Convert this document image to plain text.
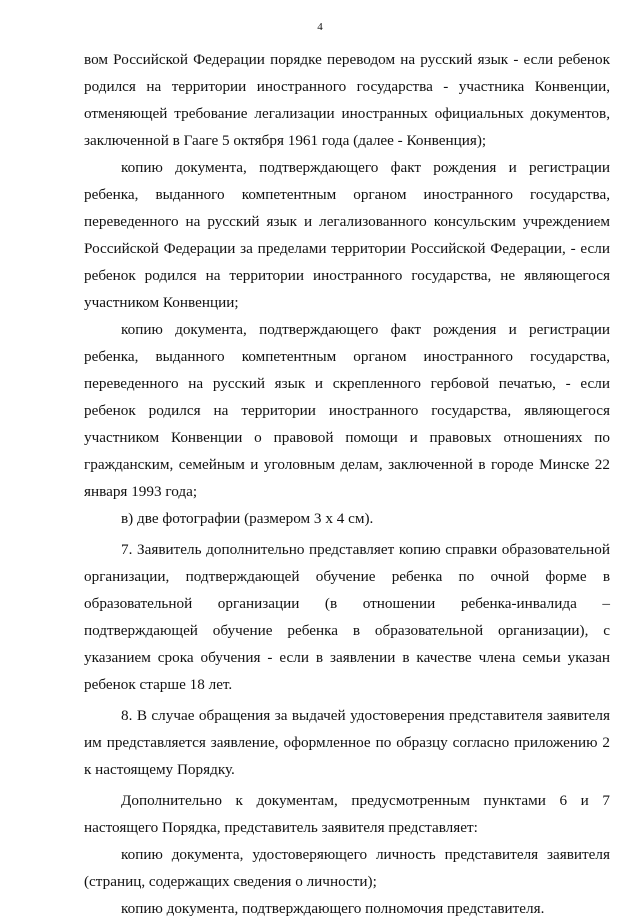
4

вом Российской Федерации порядке переводом на русский язык - если ребенок родился на территории иностранного государства - участника Конвенции, отменяющей требование легализации иностранных официальных документов, заключенной в Гааге 5 октября 1961 года (далее - Конвенция);

копию документа, подтверждающего факт рождения и регистрации ребенка, выданного компетентным органом иностранного государства, переведенного на русский язык и легализованного консульским учреждением Российской Федерации за пределами территории Российской Федерации, - если ребенок родился на территории иностранного государства, не являющегося участником Конвенции;

копию документа, подтверждающего факт рождения и регистрации ребенка, выданного компетентным органом иностранного государства, переведенного на русский язык и скрепленного гербовой печатью, - если ребенок родился на территории иностранного государства, являющегося участником Конвенции о правовой помощи и правовых отношениях по гражданским, семейным и уголовным делам, заключенной в городе Минске 22 января 1993 года;

в) две фотографии (размером 3 х 4 см).

7. Заявитель дополнительно представляет копию справки образовательной организации, подтверждающей обучение ребенка по очной форме в образовательной организации (в отношении ребенка-инвалида – подтверждающей обучение ребенка в образовательной организации), с указанием срока обучения - если в заявлении в качестве члена семьи указан ребенок старше 18 лет.

8. В случае обращения за выдачей удостоверения представителя заявителя им представляется заявление, оформленное по образцу согласно приложению 2 к настоящему Порядку.

Дополнительно к документам, предусмотренным пунктами 6 и 7 настоящего Порядка, представитель заявителя представляет:

копию документа, удостоверяющего личность представителя заявителя (страниц, содержащих сведения о личности);

копию документа, подтверждающего полномочия представителя.
